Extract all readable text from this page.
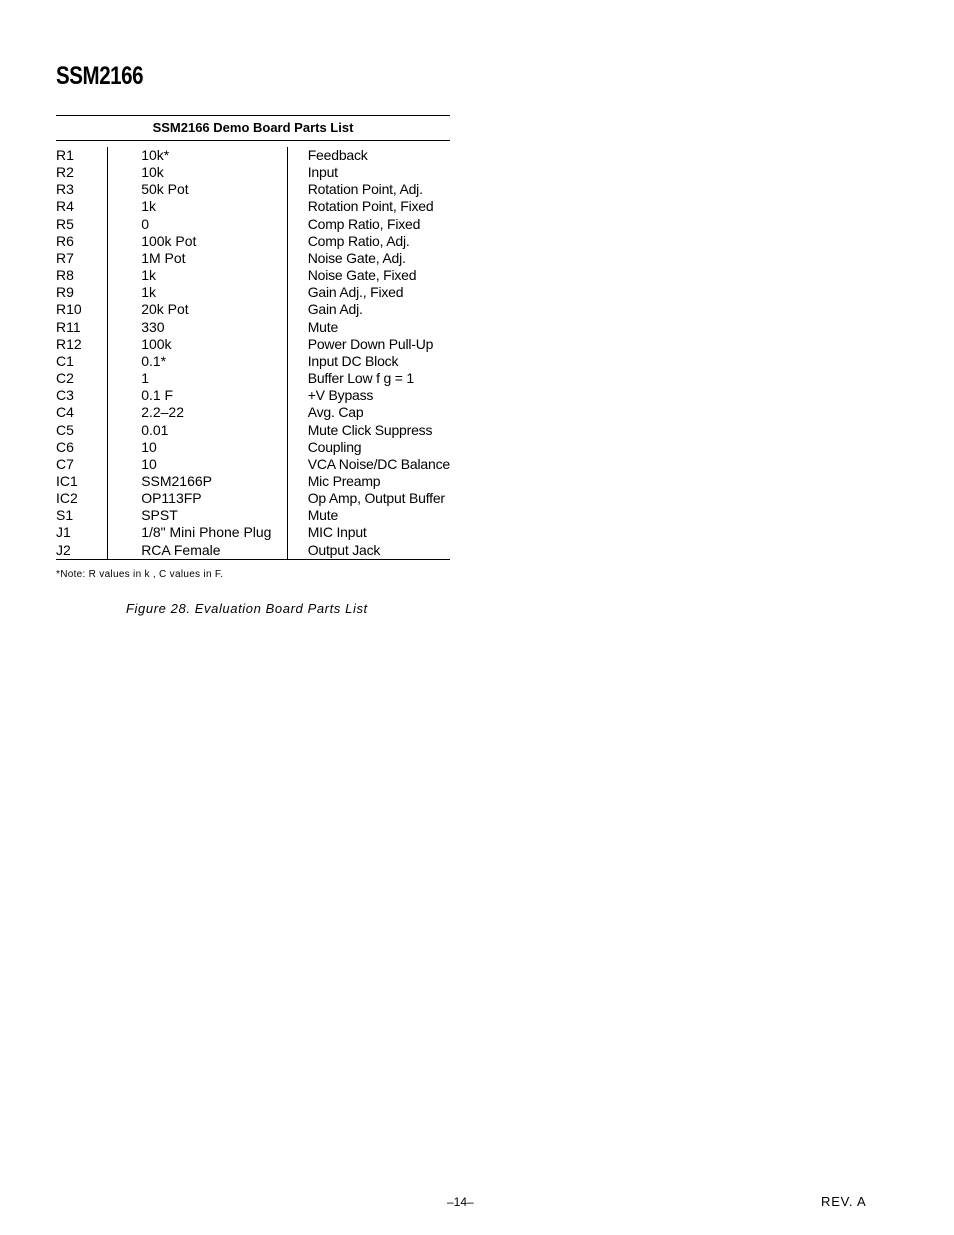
SSM2166
SSM2166 Demo Board Parts List
R1	10k*	Feedback
R2	10k	Input
R3	50k Pot	Rotation Point, Adj.
R4	1k	Rotation Point, Fixed
R5	0	Comp Ratio, Fixed
R6	100k Pot	Comp Ratio, Adj.
R7	1M Pot	Noise Gate, Adj.
R8	1k	Noise Gate, Fixed
R9	1k	Gain Adj., Fixed
R10	20k Pot	Gain Adj.
R11	330	Mute
R12	100k	Power Down Pull-Up
C1	0.1*	Input DC Block
C2	1	Buffer Low f g = 1
C3	0.1 F	+V Bypass
C4	2.2–22	Avg. Cap
C5	0.01	Mute Click Suppress
C6	10	Coupling
C7	10	VCA Noise/DC Balance
IC1	SSM2166P	Mic Preamp
IC2	OP113FP	Op Amp, Output Buffer
S1	SPST	Mute
J1	1/8" Mini Phone Plug	MIC Input
J2	RCA Female	Output Jack
*Note: R values in k , C values in F.
Figure 28. Evaluation Board Parts List
–14–	REV. A
